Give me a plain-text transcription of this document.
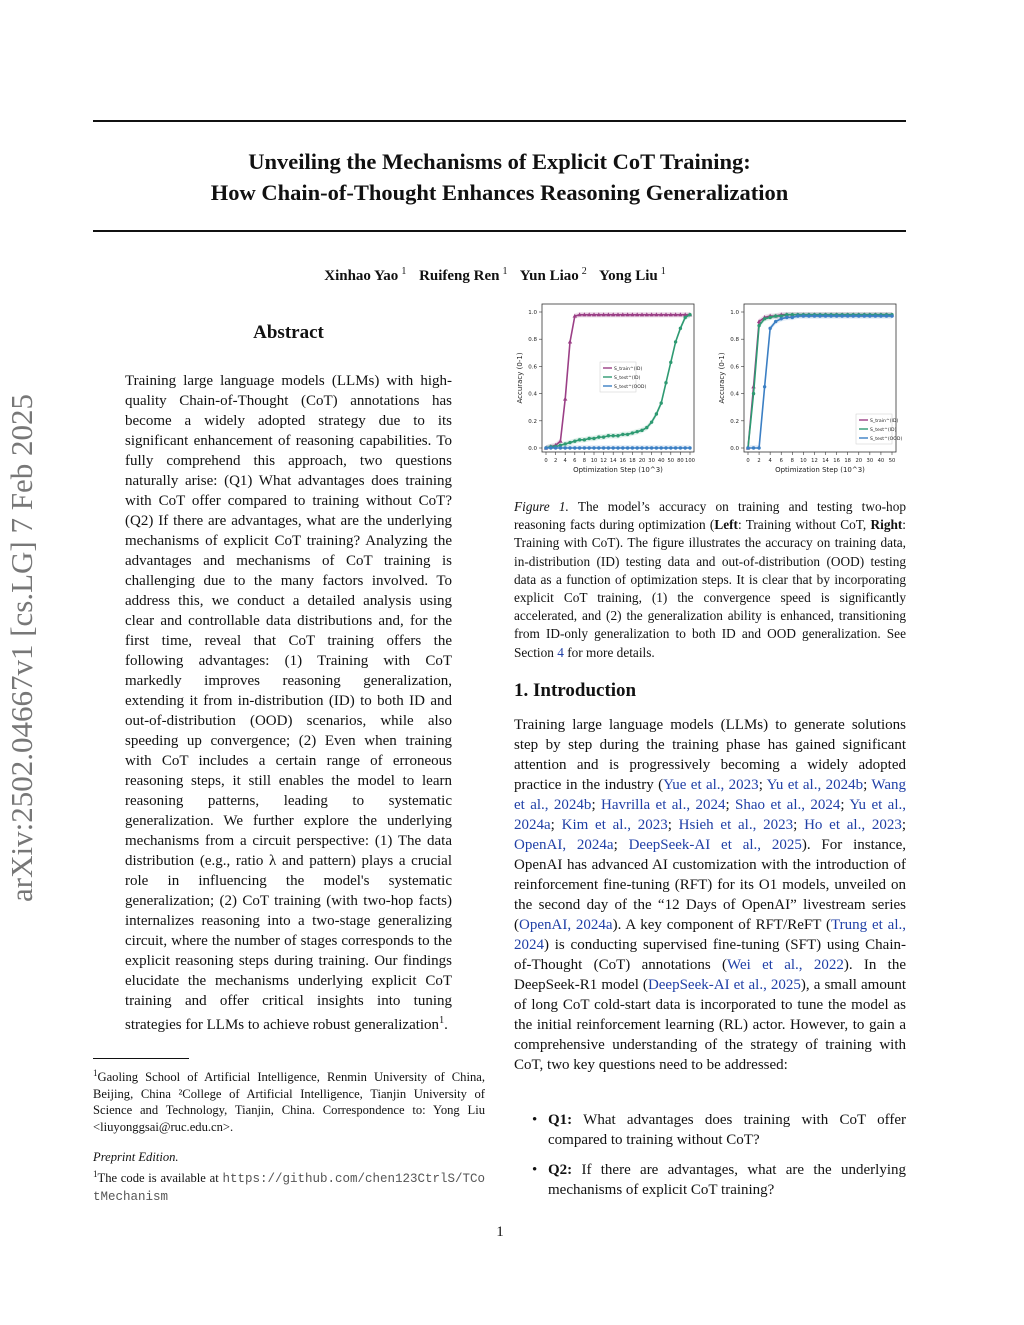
arXiv:2502.04667v1 [cs.LG] 7 Feb 2025
Unveiling the Mechanisms of Explicit CoT Training:
How Chain-of-Thought Enhances Reasoning Generalization
Xinhao Yao $^1$ Ruifeng Ren $^1$ Yun Liao $^2$ Yong Liu $^1$
Abstract
Training large language models (LLMs) with high-quality Chain-of-Thought (CoT) annotations has become a widely adopted strategy due to its significant enhancement of reasoning capabilities. To fully comprehend this approach, two questions naturally arise: (Q1) What advantages does training with CoT offer compared to training without CoT? (Q2) If there are advantages, what are the underlying mechanisms of explicit CoT training? Analyzing the advantages and mechanisms of CoT training is challenging due to the many factors involved. To address this, we conduct a detailed analysis using clear and controllable data distributions and, for the first time, reveal that CoT training offers the following advantages: (1) Training with CoT markedly improves reasoning generalization, extending it from in-distribution (ID) to both ID and out-of-distribution (OOD) scenarios, while also speeding up convergence; (2) Even when training with CoT includes a certain range of erroneous reasoning steps, it still enables the model to learn reasoning patterns, leading to systematic generalization. We further explore the underlying mechanisms from a circuit perspective: (1) The data distribution (e.g., ratio λ and pattern) plays a crucial role in influencing the model's systematic generalization; (2) CoT training (with two-hop facts) internalizes reasoning into a two-stage generalizing circuit, where the number of stages corresponds to the explicit reasoning steps during training. Our findings elucidate the mechanisms underlying explicit CoT training and offer critical insights into tuning strategies for LLMs to achieve robust generalization$^1$.
$^1$Gaoling School of Artificial Intelligence, Renmin University of China, Beijing, China ²College of Artificial Intelligence, Tianjin University of Science and Technology, Tianjin, China. Correspondence to: Yong Liu <liuyonggsai@ruc.edu.cn>.
Preprint Edition.
$^1$The code is available at https://github.com/chen123CtrlS/TCotMechanism
0.0
0.2
0.4
0.6
0.8
1.0
0 2 4 6 8 10 12 14 16 18 20 30 40 50 80 100
Optimization Step (10^3)
Accuracy (0-1)	S_train^(ID)
S_test^(ID)
S_test^(OOD)
0.0
0.2
0.4
0.6
0.8
1.0
0 2 4 6 8 10 12 14 16 18 20 30 40 50
Optimization Step (10^3)
Accuracy (0-1)
S_train^(ID)
S_test^(ID)
S_test^(OOD)
Figure 1. The model’s accuracy on training and testing two-hop reasoning facts during optimization (Left: Training without CoT, Right: Training with CoT). The figure illustrates the accuracy on training data, in-distribution (ID) testing data and out-of-distribution (OOD) testing data as a function of optimization steps. It is clear that by incorporating explicit CoT training, (1) the convergence speed is significantly accelerated, and (2) the generalization ability is enhanced, transitioning from ID-only generalization to both ID and OOD generalization. See Section 4 for more details.
1. Introduction
Training large language models (LLMs) to generate solutions step by step during the training phase has gained significant attention and is progressively becoming a widely adopted practice in the industry (Yue et al., 2023; Yu et al., 2024b; Wang et al., 2024b; Havrilla et al., 2024; Shao et al., 2024; Yu et al., 2024a; Kim et al., 2023; Hsieh et al., 2023; Ho et al., 2023; OpenAI, 2024a; DeepSeek-AI et al., 2025). For instance, OpenAI has advanced AI customization with the introduction of reinforcement fine-tuning (RFT) for its O1 models, unveiled on the second day of the “12 Days of OpenAI” livestream series (OpenAI, 2024a). A key component of RFT/ReFT (Trung et al., 2024) is conducting supervised fine-tuning (SFT) using Chain-of-Thought (CoT) annotations (Wei et al., 2022). In the DeepSeek-R1 model (DeepSeek-AI et al., 2025), a small amount of long CoT cold-start data is incorporated to tune the model as the initial reinforcement learning (RL) actor. However, to gain a comprehensive understanding of the strategy of training with CoT, two key questions need to be addressed:
• Q1: What advantages does training with CoT offer compared to training without CoT?
• Q2: If there are advantages, what are the underlying mechanisms of explicit CoT training?
1
